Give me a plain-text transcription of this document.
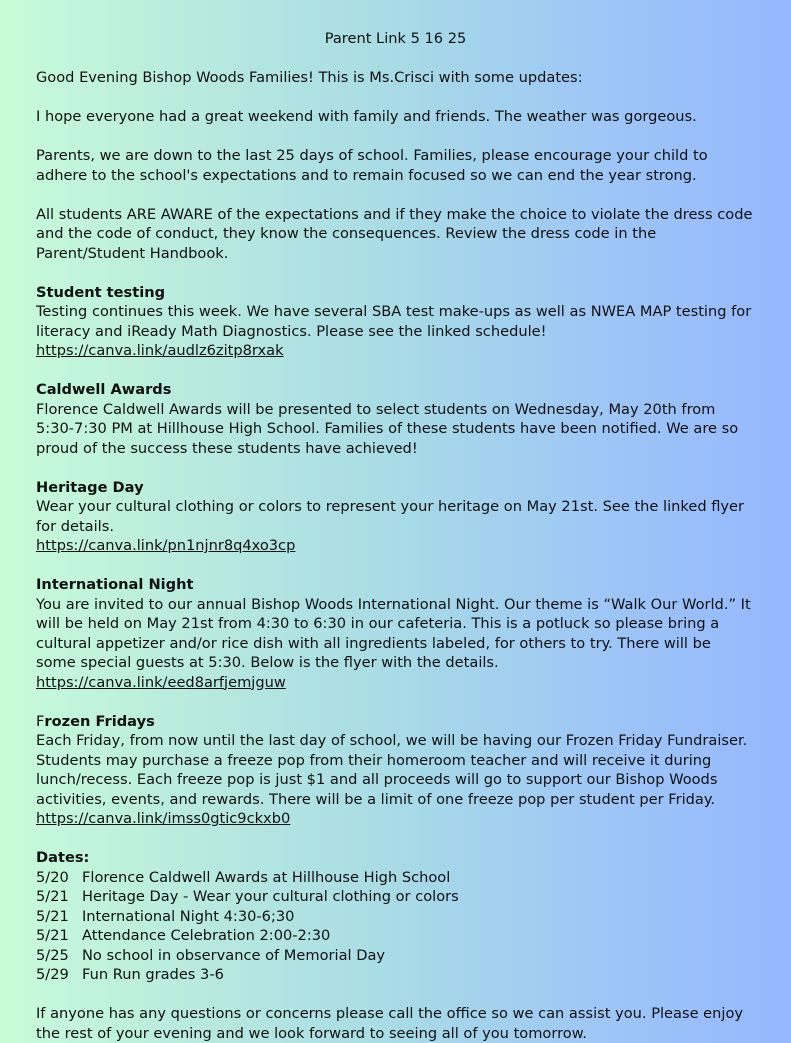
Parent Link 5 16 25

Good Evening Bishop Woods Families! This is Ms.Crisci with some updates:

I hope everyone had a great weekend with family and friends. The weather was gorgeous.

Parents, we are down to the last 25 days of school. Families, please encourage your child to adhere to the school's expectations and to remain focused so we can end the year strong.

All students ARE AWARE of the expectations and if they make the choice to violate the dress code and the code of conduct, they know the consequences. Review the dress code in the Parent/Student Handbook.

Student testing
Testing continues this week. We have several SBA test make-ups as well as NWEA MAP testing for literacy and iReady Math Diagnostics. Please see the linked schedule!
https://canva.link/audlz6zitp8rxak
Caldwell Awards
Florence Caldwell Awards will be presented to select students on Wednesday, May 20th from 5:30-7:30 PM at Hillhouse High School. Families of these students have been notified. We are so proud of the success these students have achieved!
Heritage Day
Wear your cultural clothing or colors to represent your heritage on May 21st. See the linked flyer for details.
https://canva.link/pn1njnr8q4xo3cp
International Night
You are invited to our annual Bishop Woods International Night. Our theme is “Walk Our World.” It will be held on May 21st from 4:30 to 6:30 in our cafeteria. This is a potluck so please bring a cultural appetizer and/or rice dish with all ingredients labeled, for others to try. There will be some special guests at 5:30. Below is the flyer with the details.
https://canva.link/eed8arfjemjguw
Frozen Fridays
Each Friday, from now until the last day of school, we will be having our Frozen Friday Fundraiser. Students may purchase a freeze pop from their homeroom teacher and will receive it during lunch/recess. Each freeze pop is just $1 and all proceeds will go to support our Bishop Woods activities, events, and rewards. There will be a limit of one freeze pop per student per Friday.
https://canva.link/imss0gtic9ckxb0
Dates:
5/20 Florence Caldwell Awards at Hillhouse High School
5/21 Heritage Day - Wear your cultural clothing or colors
5/21 International Night 4:30-6;30
5/21 Attendance Celebration 2:00-2:30
5/25 No school in observance of Memorial Day
5/29 Fun Run grades 3-6

If anyone has any questions or concerns please call the office so we can assist you. Please enjoy the rest of your evening and we look forward to seeing all of you tomorrow.
